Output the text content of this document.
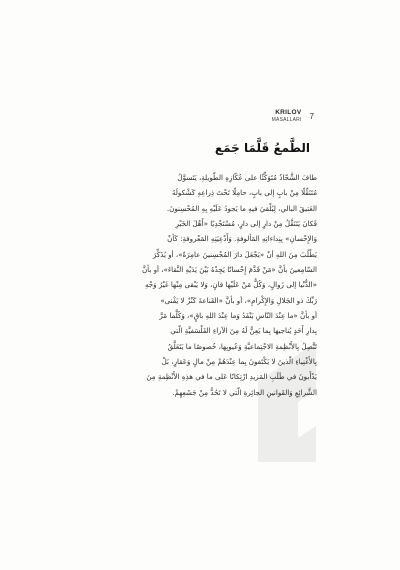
KRILOV
MASALLARI 7
الطَّمعُ قَلَّمَا جَمَع
طافَ الشَّحّاذُ مُتَوَكِّئًا على عُكّازِهِ الطّويلةِ، يَتَسوَّلُ
مُتَنَقِّلًا مِنْ بابٍ إلى بابٍ، حامِلًا تَحْتَ ذِراعِهِ كَشْكولَهُ
العَتيقَ البالي، لِيُلْقيَ فيهِ ما يَجودُ عَلَيْهِ بِهِ المُحْسِنونَ.
فَكانَ يَتَنَقَّلُ مِنْ دارٍ إلى دارٍ، مُسْتَجْدِيًا «أَهْلَ الخَيْرِ
وَالإِحْسانِ» بِنِداءاتِهِ المَألوفةِ. وَأَدْعِيَتِهِ المَعْروفةِ: كَأنْ
يَطْلُبَ مِنَ اللهِ أنْ «يَجْعَلَ دارَ المُحْسِنينَ عامِرَةً»، أو يُذَكِّرَ
السّامِعينَ بأنَّ «مَنْ قَدَّمَ إِحْسانًا يَجِدْهُ بَيْنَ يَدَيْهِ النَّقاءَ»، أو بأنَّ
«الدُّنْيا إلى زَوالٍ، وَكُلُّ مَنْ عَلَيْها فانٍ، وَلا يَبْقى مِنْها غَيْرُ وَجْهِ
رَبِّكَ ذو الجَلالِ وَالإِكْرامِ»، أو بأنَّ «القَناعةَ كَنْزٌ لا يَفْنى»
أو بأنَّ «ما عِنْدَ النّاسِ يَنْفَدُ وَما عِنْدَ اللهِ باقٍ»، وَكُلَّما مَرَّ
بِدارِ أَحَدٍ يُناجيها بِما يَعِنُّ لَهُ مِنَ الآراءِ الفَلْسَفيَّةِ الّتي
تَتَّصِلُ بِالأَنْظِمةِ الاجْتِماعيَّةِ وَعُيوبِها، خُصوصًا ما يَتَعَلَّقُ
بِالأَغْنِياءِ الّذينَ لا يَكْتَفونَ بِما عِنْدَهُمْ مِنْ مالٍ وَعَقارٍ، بَلْ
يَدْأَبونَ في طَلَبِ المَزيدِ ارْتِكانًا عَلى ما في هذِهِ الأَنْظِمةِ مِنَ
الشَّرائِعِ وَالقَوانينِ الجائِرةِ الّتي لا تَحُدُّ مِنْ جَشَعِهِمْ.
